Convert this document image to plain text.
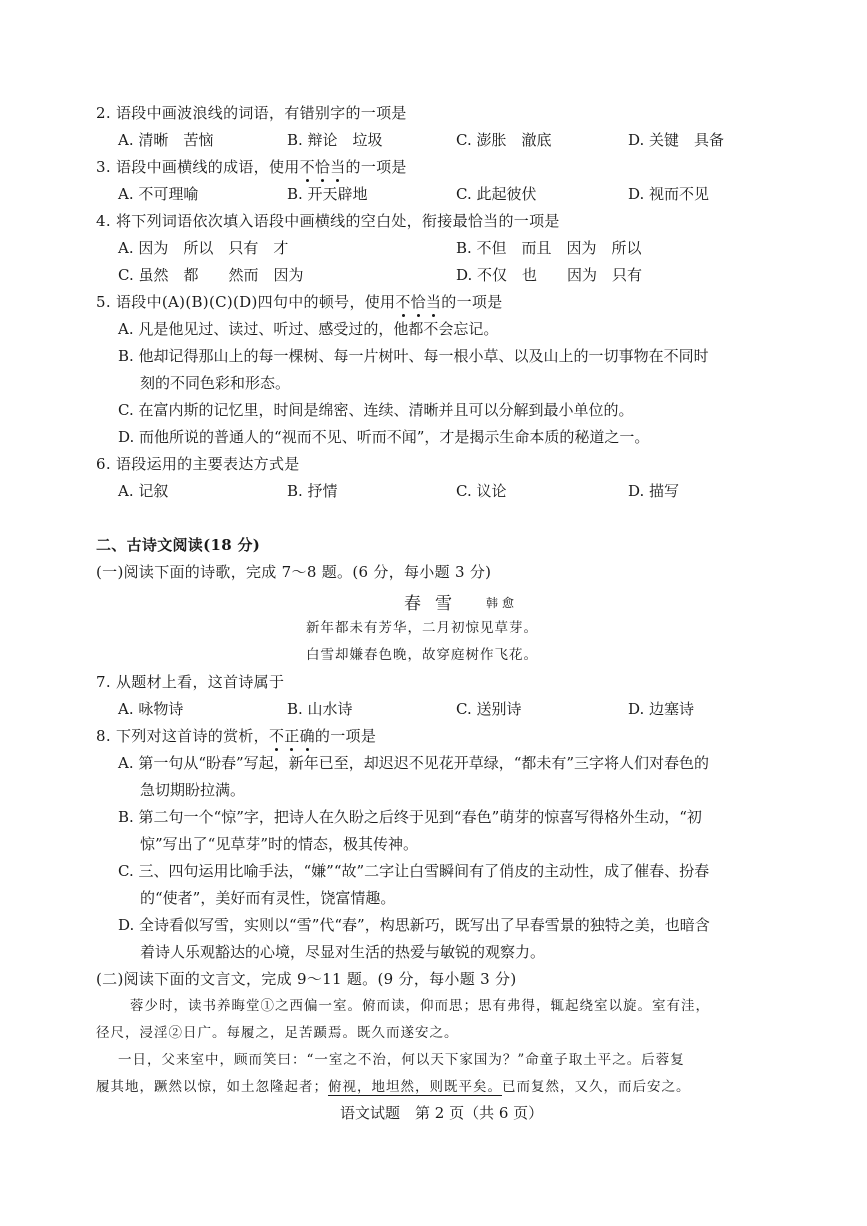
2. 语段中画波浪线的词语，有错别字的一项是
A. 清晰　苦恼	B. 辩论　垃圾	C. 澎胀　澈底	D. 关键　具备
3. 语段中画横线的成语，使用不恰当的一项是
A. 不可理喻	B. 开天辟地	C. 此起彼伏	D. 视而不见
4. 将下列词语依次填入语段中画横线的空白处，衔接最恰当的一项是
A. 因为　所以　只有　才	B. 不但　而且　因为　所以
C. 虽然　都　　然而　因为	D. 不仅　也　　因为　只有
5. 语段中(A)(B)(C)(D)四句中的顿号，使用不恰当的一项是
A. 凡是他见过、读过、听过、感受过的，他都不会忘记。
B. 他却记得那山上的每一棵树、每一片树叶、每一根小草、以及山上的一切事物在不同时
刻的不同色彩和形态。
C. 在富内斯的记忆里，时间是绵密、连续、清晰并且可以分解到最小单位的。
D. 而他所说的普通人的“视而不见、听而不闻”，才是揭示生命本质的秘道之一。
6. 语段运用的主要表达方式是
A. 记叙	B. 抒情	C. 议论	D. 描写
二、古诗文阅读(18 分)
(一)阅读下面的诗歌，完成 7～8 题。(6 分，每小题 3 分)
春雪 韩愈
新年都未有芳华，二月初惊见草芽。
白雪却嫌春色晚，故穿庭树作飞花。
7. 从题材上看，这首诗属于
A. 咏物诗	B. 山水诗	C. 送别诗	D. 边塞诗
8. 下列对这首诗的赏析，不正确的一项是
A. 第一句从“盼春”写起，新年已至，却迟迟不见花开草绿，“都未有”三字将人们对春色的
急切期盼拉满。
B. 第二句一个“惊”字，把诗人在久盼之后终于见到“春色”萌芽的惊喜写得格外生动，“初
惊”写出了“见草芽”时的情态，极其传神。
C. 三、四句运用比喻手法，“嫌”“故”二字让白雪瞬间有了俏皮的主动性，成了催春、扮春
的“使者”，美好而有灵性，饶富情趣。
D. 全诗看似写雪，实则以“雪”代“春”，构思新巧，既写出了早春雪景的独特之美，也暗含
着诗人乐观豁达的心境，尽显对生活的热爱与敏锐的观察力。
(二)阅读下面的文言文，完成 9～11 题。(9 分，每小题 3 分)
蓉少时，读书养晦堂①之西偏一室。俯而读，仰而思；思有弗得，辄起绕室以旋。室有洼，
径尺，浸淫②日广。每履之，足苦踬焉。既久而遂安之。
一日，父来室中，顾而笑曰：“一室之不治，何以天下家国为？”命童子取土平之。后蓉复
履其地，蹶然以惊，如土忽隆起者；俯视，地坦然，则既平矣。已而复然，又久，而后安之。
语文试题　第 2 页（共 6 页）
